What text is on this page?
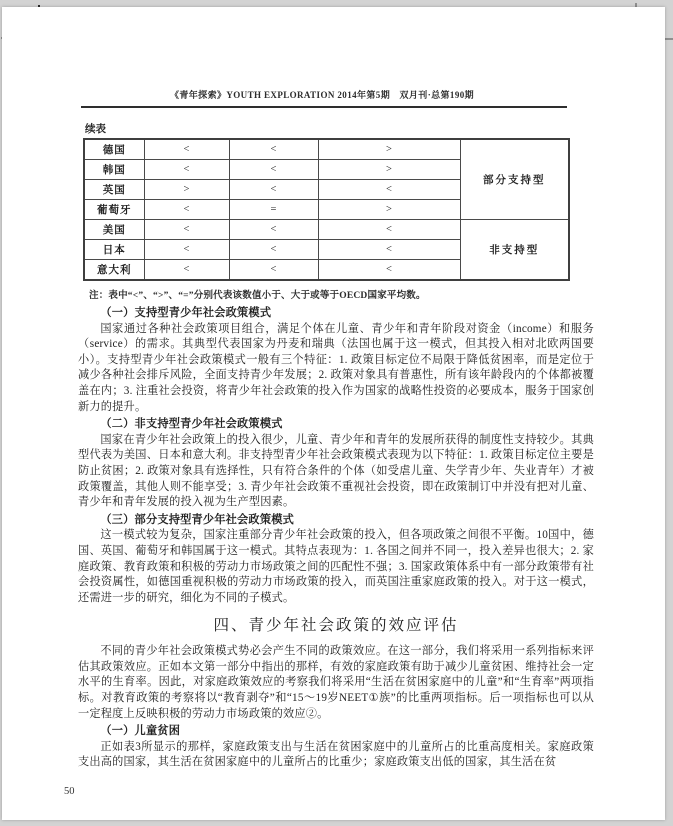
《青年探索》YOUTH EXPLORATION 2014年第5期　双月刊·总第190期
续表
德国	<	<	>	部分支持型
韩国	<	<	>	
英国	>	<	<	
葡萄牙	<	=	>	
美国	<	<	<	非支持型
日本	<	<	<	
意大利	<	<	<	
注：表中“<”、“>”、“=”分别代表该数值小于、大于或等于OECD国家平均数。
（一）支持型青少年社会政策模式

国家通过各种社会政策项目组合，满足个体在儿童、青少年和青年阶段对资金（income）和服务（service）的需求。其典型代表国家为丹麦和瑞典（法国也属于这一模式，但其投入相对北欧两国要小）。支持型青少年社会政策模式一般有三个特征：1. 政策目标定位不局限于降低贫困率，而是定位于减少各种社会排斥风险，全面支持青少年发展；2. 政策对象具有普惠性，所有该年龄段内的个体都被覆盖在内；3. 注重社会投资，将青少年社会政策的投入作为国家的战略性投资的必要成本，服务于国家创新力的提升。

（二）非支持型青少年社会政策模式

国家在青少年社会政策上的投入很少，儿童、青少年和青年的发展所获得的制度性支持较少。其典型代表为美国、日本和意大利。非支持型青少年社会政策模式表现为以下特征：1. 政策目标定位主要是防止贫困；2. 政策对象具有选择性，只有符合条件的个体（如受虐儿童、失学青少年、失业青年）才被政策覆盖，其他人则不能享受；3. 青少年社会政策不重视社会投资，即在政策制订中并没有把对儿童、青少年和青年发展的投入视为生产型因素。

（三）部分支持型青少年社会政策模式

这一模式较为复杂，国家注重部分青少年社会政策的投入，但各项政策之间很不平衡。10国中，德国、英国、葡萄牙和韩国属于这一模式。其特点表现为：1. 各国之间并不同一，投入差异也很大；2. 家庭政策、教育政策和积极的劳动力市场政策之间的匹配性不强；3. 国家政策体系中有一部分政策带有社会投资属性，如德国重视积极的劳动力市场政策的投入，而英国注重家庭政策的投入。对于这一模式，还需进一步的研究，细化为不同的子模式。

四、青少年社会政策的效应评估

不同的青少年社会政策模式势必会产生不同的政策效应。在这一部分，我们将采用一系列指标来评估其政策效应。正如本文第一部分中指出的那样，有效的家庭政策有助于减少儿童贫困、维持社会一定水平的生育率。因此，对家庭政策效应的考察我们将采用“生活在贫困家庭中的儿童”和“生育率”两项指标。对教育政策的考察将以“教育剥夺”和“15～19岁NEET①族”的比重两项指标。后一项指标也可以从一定程度上反映积极的劳动力市场政策的效应②。

（一）儿童贫困

正如表3所显示的那样，家庭政策支出与生活在贫困家庭中的儿童所占的比重高度相关。家庭政策支出高的国家，其生活在贫困家庭中的儿童所占的比重少；家庭政策支出低的国家，其生活在贫

50
